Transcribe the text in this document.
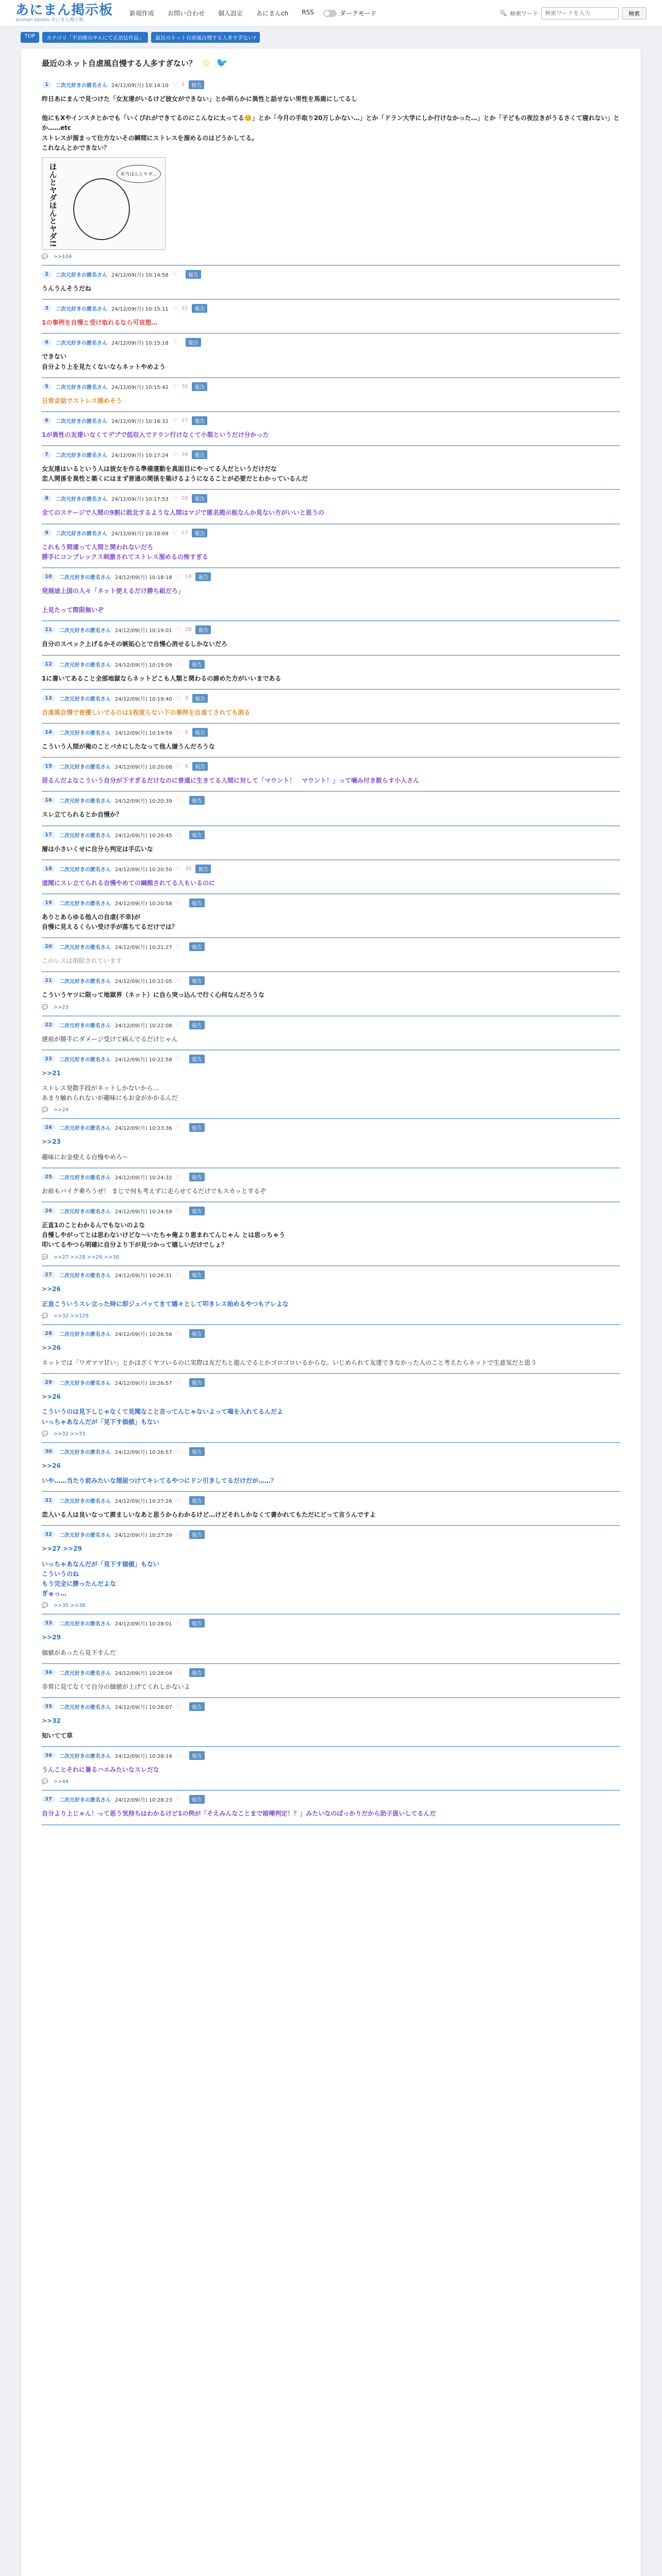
あにまん掲示板
animan bbsdiv あにまん掲示板
新規作成 お問い合わせ 個人設定 あにまんch RSS	ダークモード	🔍 検索ワード
検索ワードを入力	検索
TOP	カテゴリ「不治療のサルにて正治法作品」	最近のネット自虐風自慢する人多すぎない?
最近のネット自虐風自慢する人多すぎない？ ☆ 🐦
1	二次元好きの匿名さん 24/12/09(月) 10:14:10 ♡ 1	報告
昨日あにまんで見つけた「女友達がいるけど彼女ができない」とか明らかに異性と話せない男性を馬鹿にしてるし
他にもXやインスタとかでも「いくぴれができてるのにこんなに太ってる☺️」とか「今月の手取り20万しかない…」とか「ドラン大学にしか行けなかった…」とか「子どもの夜泣きがうるさくて寝れない」とか……etc
ストレスが溜まって仕方ないその瞬間にストレスを溜めるのはどうかしてる。
これなんとかできない？
ほんとヤダほんとヤダ!!	本当ほんとヤダ…
💬 >>104
2	二次元好きの匿名さん 24/12/09(月) 10:14:58 ♡	報告
うんうんそうだね
3	二次元好きの匿名さん 24/12/09(月) 10:15:11 ♡ 12	報告
1の事例を自慢と受け取れるなら可哀想…
4	二次元好きの匿名さん 24/12/09(月) 10:15:18 ♡	報告
できない
自分より上を見たくないならネットやめよう
5	二次元好きの匿名さん 24/12/09(月) 10:15:42 ♡ 36	報告
日常会話でストレス溜めそう
6	二次元好きの匿名さん 24/12/09(月) 10:16:32 ♡ 17	報告
1が異性の友達いなくてデブで低収入でドラン行けなくて小梨というだけ分かった
7	二次元好きの匿名さん 24/12/09(月) 10:17:24 ♡ 34	報告
女友達はいるという人は彼女を作る準備運動を真面目にやってる人だというだけだな
恋人関係を異性と築くにはまず普通の関係を築けるようになることが必要だとわかっているんだ
8	二次元好きの匿名さん 24/12/09(月) 10:17:53 ♡ 28	報告
全てのステージで人間の9割に敗北するような人間はマジで匿名掲示板なんか見ない方がいいと思うの
9	二次元好きの匿名さん 24/12/09(月) 10:18:09 ♡ 17	報告
これもう間違って人間と関われないだろ
勝手にコンプレックス刺激されてストレス溜めるの怖すぎる
10	二次元好きの匿名さん 24/12/09(月) 10:18:18 ♡ 14	報告
発展途上国の人々「ネット使えるだけ勝ち組だろ」
上見たって際限無いぞ
11	二次元好きの匿名さん 24/12/09(月) 10:19:01 ♡ 28	報告
自分のスペック上げるかその嫉妬心とで自慢心消せるしかないだろ
12	二次元好きの匿名さん 24/12/09(月) 10:19:09 ♡	報告
1に書いてあること全部地獄ならネットどこも人類と関わるの諦めた方がいいまである
13	二次元好きの匿名さん 24/12/09(月) 10:19:40 ♡ 9	報告
自虐風自慢で皆優しいでるのは1程度らない下の事例を自虐てされても困る
14	二次元好きの匿名さん 24/12/09(月) 10:19:59 ♡ 6	報告
こういう人間が俺のことバカにしたなって他人嫌うんだろうな
15	二次元好きの匿名さん 24/12/09(月) 10:20:08 ♡ 8	報告
居るんだよなこういう自分が下すぎるだけなのに普通に生きてる人間に対して「マウント！　マウント！」って噛み付き散らす小人さん
16	二次元好きの匿名さん 24/12/09(月) 10:20:39 ♡	報告
スレ立てられるとか自慢か？
17	二次元好きの匿名さん 24/12/09(月) 10:20:45 ♡	報告
層は小さいくせに自分ら判定は手広いな
18	二次元好きの匿名さん 24/12/09(月) 10:20:50 ♡ 30	報告
道聞にスレ立てられる自慢やめての綱館されてる人もいるのに
19	二次元好きの匿名さん 24/12/09(月) 10:20:58 ♡	報告
ありとあらゆる他人の自虐(不幸)が
自慢に見えるくらい受け手が落ちてるだけでは？
20	二次元好きの匿名さん 24/12/09(月) 10:21:27 ♡	報告
このレスは削除されています
21	二次元好きの匿名さん 24/12/09(月) 10:22:05 ♡	報告
こういうヤツに限って地獄界（ネット）に自ら突っ込んで行く心何なんだろうな
💬 >>23
22	二次元好きの匿名さん 24/12/09(月) 10:22:08 ♡	報告
建前が勝手にダメージ受けて病んでるだけじゃん
23	二次元好きの匿名さん 24/12/09(月) 10:22:58 ♡	報告
>>21
ストレス発散手段がネットしかないから…
あまり触れられないが趣味にもお金がかかるんだ
💬 >>24
24	二次元好きの匿名さん 24/12/09(月) 10:23:36 ♡	報告
>>23
趣味にお金使える自慢やめろ～
25	二次元好きの匿名さん 24/12/09(月) 10:24:32 ♡	報告
お前もバイク乗ろうぜ！ まじで何も考えずに走らせてるだけでもスカッとするぞ
26	二次元好きの匿名さん 24/12/09(月) 10:24:59 ♡	報告
正直1のことわかるんでもないのよな
自慢しやがってとは思わないけどな～いたちゃ俺より恵まれてんじゃん とは思っちゃう
叩いてるやつら明確に自分より下が見つかって嬉しいだけでしょ？
💬 >>27 >>28 >>29 >>30
27	二次元好きの匿名さん 24/12/09(月) 10:26:31 ♡	報告
>>26
正直こういうスレ立った時に即ジュバッてきて嬉々として叩きレス始めるやつもアレよな
💬 >>32 >>129
28	二次元好きの匿名さん 24/12/09(月) 10:26:56 ♡	報告
>>26
ネットでは「ワガママ甘い」とかほざくヤツいるのに実際は友だちと遊んでるとかゴロゴロいるからな。いじめられて友達できなかった人のこと考えたらネットで生意気だと思う
29	二次元好きの匿名さん 24/12/09(月) 10:26:57 ♡	報告
>>26
こういうのは見下しじゃなくて見聞なこと言ってんじゃないよって喝を入れてるんだよ
いっちゃあなんだが「見下す価値」もない
💬 >>32 >>33
30	二次元好きの匿名さん 24/12/09(月) 10:26:57 ♡	報告
>>26
いや……当たり前みたいな理屈つけてキレてるやつにドン引きしてるだけだが……？
31	二次元好きの匿名さん 24/12/09(月) 10:27:26 ♡	報告
恋人いる人は良いなって羨ましいなあと思うからわかるけど…けどそれしかなくて書かれてもただにどって言うんですよ
32	二次元好きの匿名さん 24/12/09(月) 10:27:39 ♡	報告
>>27 >>29
いっちゃあなんだが「見下す価値」もない
こういうのね
もう完全に勝ったんだよな
ぎゅっ…
💬 >>35 >>36
33	二次元好きの匿名さん 24/12/09(月) 10:28:01 ♡	報告
>>29
価値があったら見下すんだ
34	二次元好きの匿名さん 24/12/09(月) 10:28:04 ♡	報告
非常に見てなくて自分の価値が上げてくれしかないよ
35	二次元好きの匿名さん 24/12/09(月) 10:28:07 ♡	報告
>>32
知いてて草
36	二次元好きの匿名さん 24/12/09(月) 10:28:14 ♡	報告
うんことそれに暑るハエみたいなスレだな
💬 >>44
37	二次元好きの匿名さん 24/12/09(月) 10:28:23 ♡	報告
自分より上じゃん！って思う気持ちはわかるけど1の例が「そえみんなことまで暗嘩判定！？」みたいなのばっかりだから助子扱いしてるんだ
